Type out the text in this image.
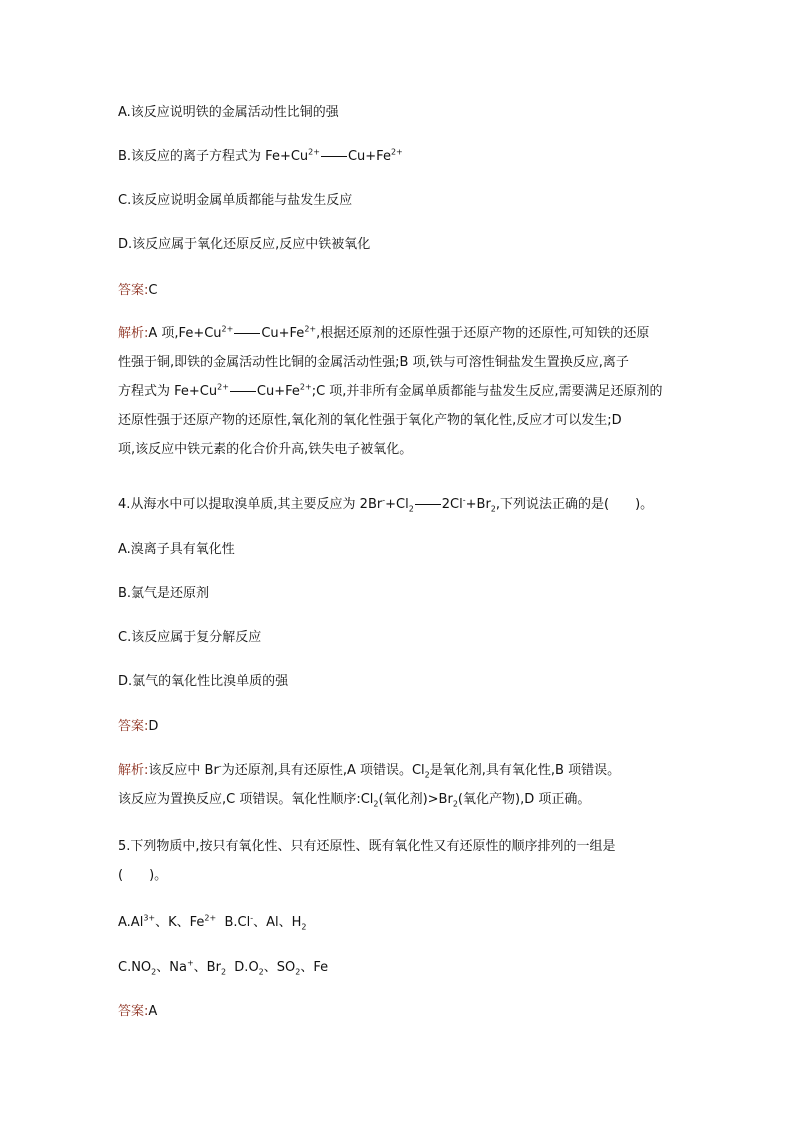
A.该反应说明铁的金属活动性比铜的强
B.该反应的离子方程式为 $Fe+Cu^{2+}$ $Cu+Fe^{2+}$
C.该反应说明金属单质都能与盐发生反应
D.该反应属于氧化还原反应,反应中铁被氧化
答案:C
解析:A 项$,Fe+Cu^{2+}$ $Cu+Fe^{2+}$,根据还原剂的还原性强于还原产物的还原性,可知铁的还原
性强于铜,即铁的金属活动性比铜的金属活动性强;B 项,铁与可溶性铜盐发生置换反应,离子
方程式为 $Fe+Cu^{2+}$ $Cu+Fe^{2+};C$ 项,并非所有金属单质都能与盐发生反应,需要满足还原剂的
还原性强于还原产物的还原性,氧化剂的氧化性强于氧化产物的氧化性,反应才可以发生;D
项,该反应中铁元素的化合价升高,铁失电子被氧化。
4.从海水中可以提取溴单质,其主要反应为 $2Br^-+Cl_2$ $2Cl^-+Br_2$,下列说法正确的是(　　)。
A.溴离子具有氧化性
B.氯气是还原剂
C.该反应属于复分解反应
D.氯气的氧化性比溴单质的强
答案:D
解析:该反应中 Br-为还原剂,具有还原性,A 项错误。$Cl_2$是氧化剂,具有氧化性,B 项错误。
该反应为置换反应,C 项错误。氧化性顺序$:Cl_2$(氧化剂)$>Br_2$(氧化产物),D 项正确。
5.下列物质中,按只有氧化性、只有还原性、既有氧化性又有还原性的顺序排列的一组是
(　　)。
$A.Al^{3+}$、K、$Fe^{2+}$  B.Cl-、Al、$H_2$
$C.NO_2$、Na+、$Br_2$  $D.O_2$、$SO_2$、Fe
答案:A
